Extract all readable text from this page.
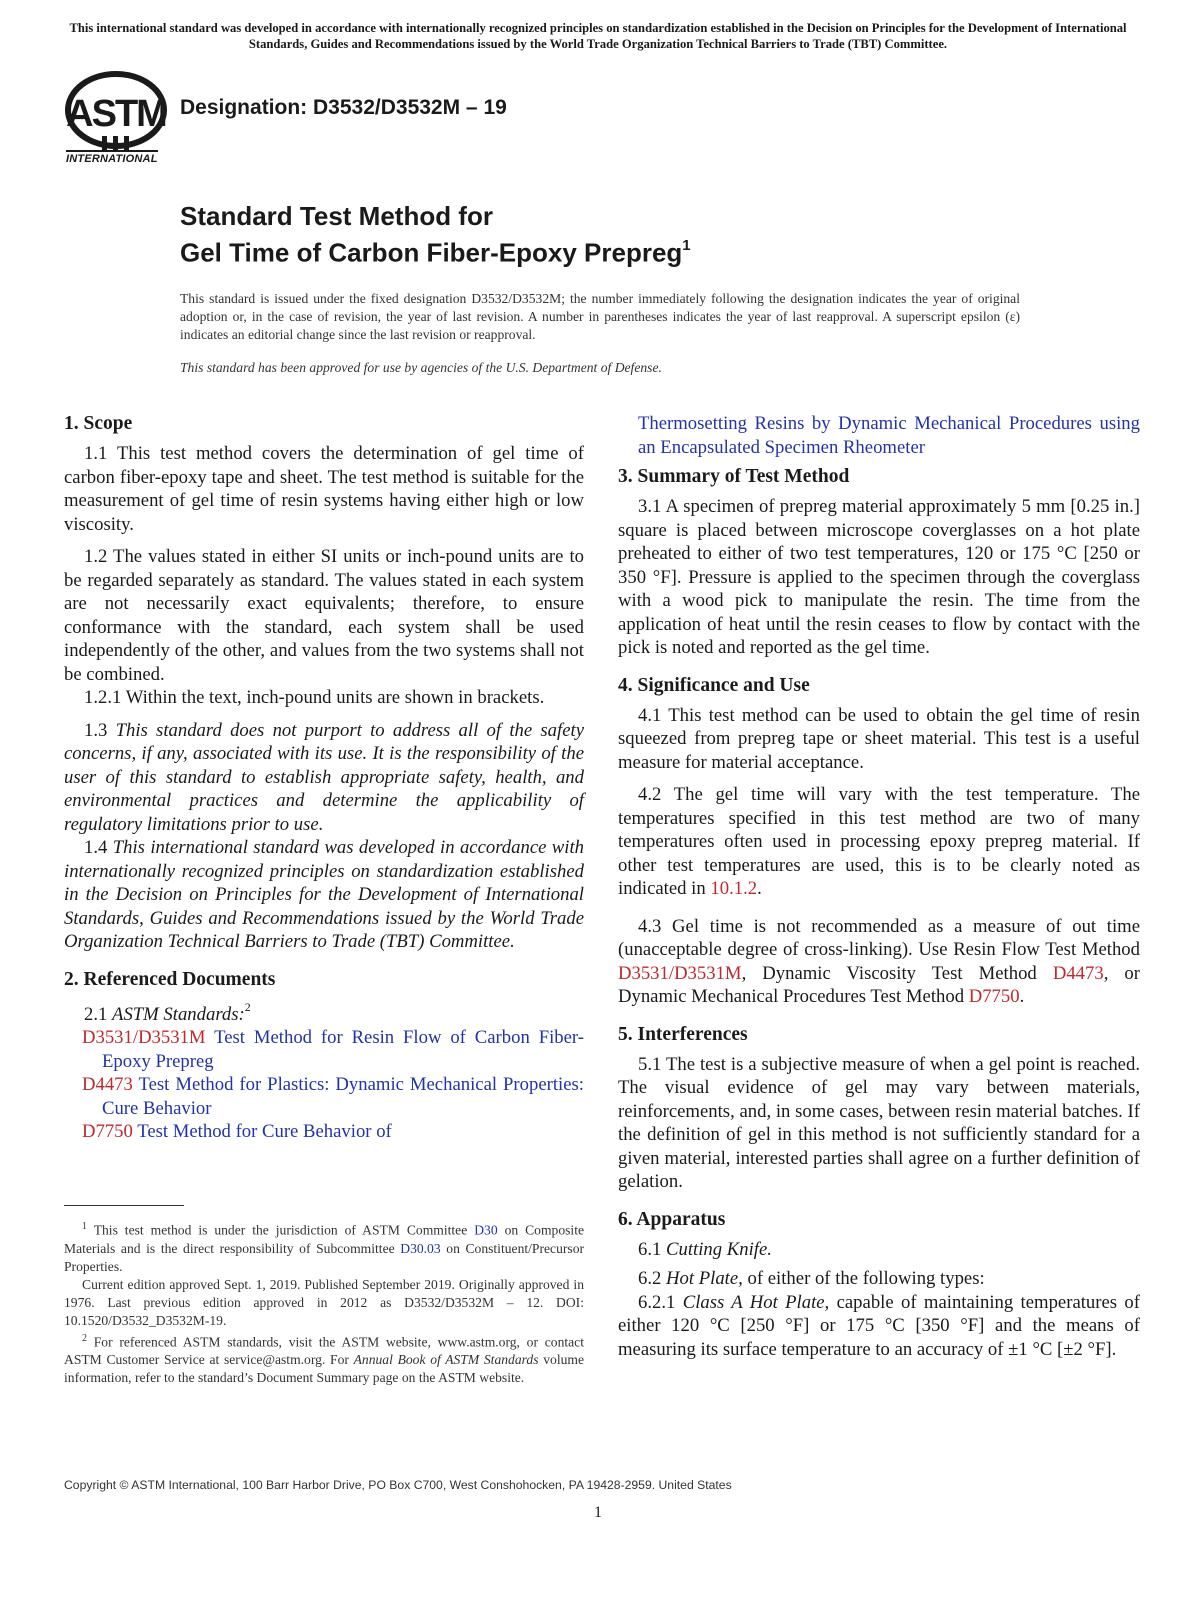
This international standard was developed in accordance with internationally recognized principles on standardization established in the Decision on Principles for the Development of International Standards, Guides and Recommendations issued by the World Trade Organization Technical Barriers to Trade (TBT) Committee.
ASTM
INTERNATIONAL
Designation: D3532/D3532M – 19
Standard Test Method for
Gel Time of Carbon Fiber-Epoxy Prepreg$^1$
This standard is issued under the fixed designation D3532/D3532M; the number immediately following the designation indicates the year of original adoption or, in the case of revision, the year of last revision. A number in parentheses indicates the year of last reapproval. A superscript epsilon (ε) indicates an editorial change since the last revision or reapproval.
This standard has been approved for use by agencies of the U.S. Department of Defense.
1. Scope

1.1 This test method covers the determination of gel time of carbon fiber-epoxy tape and sheet. The test method is suitable for the measurement of gel time of resin systems having either high or low viscosity.

1.2 The values stated in either SI units or inch-pound units are to be regarded separately as standard. The values stated in each system are not necessarily exact equivalents; therefore, to ensure conformance with the standard, each system shall be used independently of the other, and values from the two systems shall not be combined.

1.2.1 Within the text, inch-pound units are shown in brackets.

1.3 This standard does not purport to address all of the safety concerns, if any, associated with its use. It is the responsibility of the user of this standard to establish appropriate safety, health, and environmental practices and determine the applicability of regulatory limitations prior to use.

1.4 This international standard was developed in accordance with internationally recognized principles on standardization established in the Decision on Principles for the Development of International Standards, Guides and Recommendations issued by the World Trade Organization Technical Barriers to Trade (TBT) Committee.

2. Referenced Documents

2.1 ASTM Standards:$^2$

D3531/D3531M Test Method for Resin Flow of Carbon Fiber-Epoxy Prepreg

D4473 Test Method for Plastics: Dynamic Mechanical Properties: Cure Behavior

D7750 Test Method for Cure Behavior of

$^1$ This test method is under the jurisdiction of ASTM Committee D30 on Composite Materials and is the direct responsibility of Subcommittee D30.03 on Constituent/Precursor Properties.

Current edition approved Sept. 1, 2019. Published September 2019. Originally approved in 1976. Last previous edition approved in 2012 as D3532/D3532M – 12. DOI: 10.1520/D3532_D3532M-19.

$^2$ For referenced ASTM standards, visit the ASTM website, www.astm.org, or contact ASTM Customer Service at service@astm.org. For Annual Book of ASTM Standards volume information, refer to the standard’s Document Summary page on the ASTM website.

Thermosetting Resins by Dynamic Mechanical Procedures using an Encapsulated Specimen Rheometer

3. Summary of Test Method

3.1 A specimen of prepreg material approximately 5 mm [0.25 in.] square is placed between microscope coverglasses on a hot plate preheated to either of two test temperatures, 120 or 175 °C [250 or 350 °F]. Pressure is applied to the specimen through the coverglass with a wood pick to manipulate the resin. The time from the application of heat until the resin ceases to flow by contact with the pick is noted and reported as the gel time.

4. Significance and Use

4.1 This test method can be used to obtain the gel time of resin squeezed from prepreg tape or sheet material. This test is a useful measure for material acceptance.

4.2 The gel time will vary with the test temperature. The temperatures specified in this test method are two of many temperatures often used in processing epoxy prepreg material. If other test temperatures are used, this is to be clearly noted as indicated in 10.1.2.

4.3 Gel time is not recommended as a measure of out time (unacceptable degree of cross-linking). Use Resin Flow Test Method D3531/D3531M, Dynamic Viscosity Test Method D4473, or Dynamic Mechanical Procedures Test Method D7750.

5. Interferences

5.1 The test is a subjective measure of when a gel point is reached. The visual evidence of gel may vary between materials, reinforcements, and, in some cases, between resin material batches. If the definition of gel in this method is not sufficiently standard for a given material, interested parties shall agree on a further definition of gelation.

6. Apparatus

6.1 Cutting Knife.

6.2 Hot Plate, of either of the following types:

6.2.1 Class A Hot Plate, capable of maintaining temperatures of either 120 °C [250 °F] or 175 °C [350 °F] and the means of measuring its surface temperature to an accuracy of ±1 °C [±2 °F].

Copyright © ASTM International, 100 Barr Harbor Drive, PO Box C700, West Conshohocken, PA 19428-2959. United States
1
